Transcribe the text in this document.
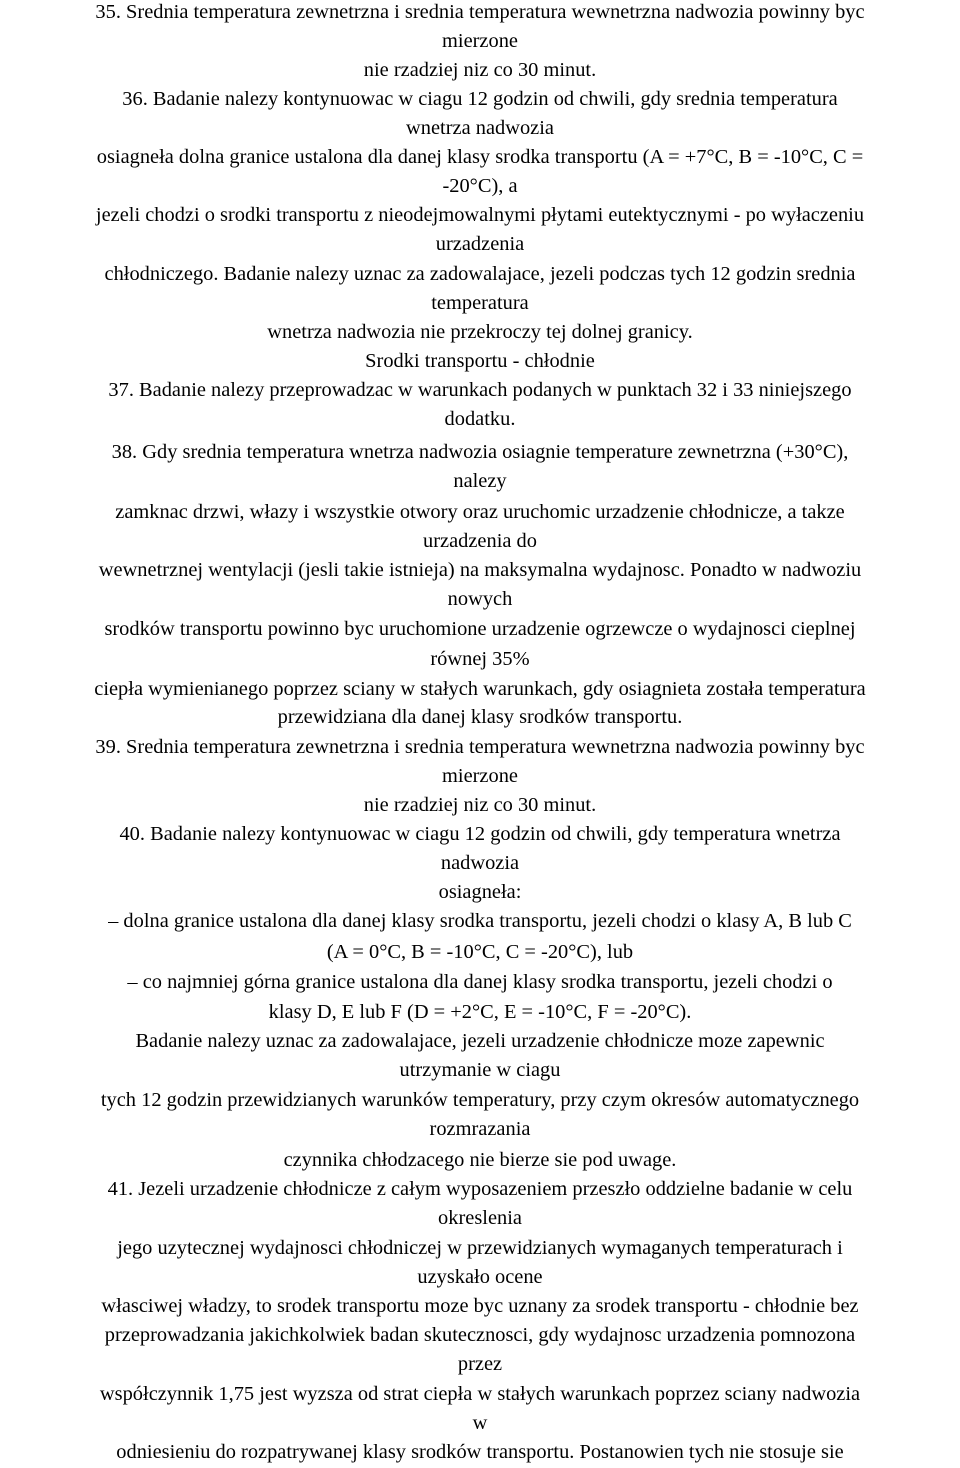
35. Srednia temperatura zewnetrzna i srednia temperatura wewnetrzna nadwozia powinny byc
mierzone
nie rzadziej niz co 30 minut.
36. Badanie nalezy kontynuowac w ciagu 12 godzin od chwili, gdy srednia temperatura
wnetrza nadwozia
osiagneła dolna granice ustalona dla danej klasy srodka transportu (A = +7°C, B = -10°C, C =
-20°C), a
jezeli chodzi o srodki transportu z nieodejmowalnymi płytami eutektycznymi - po wyłaczeniu
urzadzenia
chłodniczego. Badanie nalezy uznac za zadowalajace, jezeli podczas tych 12 godzin srednia
temperatura
wnetrza nadwozia nie przekroczy tej dolnej granicy.
Srodki transportu - chłodnie
37. Badanie nalezy przeprowadzac w warunkach podanych w punktach 32 i 33 niniejszego
dodatku.
38. Gdy srednia temperatura wnetrza nadwozia osiagnie temperature zewnetrzna (+30°C),
nalezy
zamknac drzwi, włazy i wszystkie otwory oraz uruchomic urzadzenie chłodnicze, a takze
urzadzenia do
wewnetrznej wentylacji (jesli takie istnieja) na maksymalna wydajnosc. Ponadto w nadwoziu
nowych
srodków transportu powinno byc uruchomione urzadzenie ogrzewcze o wydajnosci cieplnej
równej 35%
ciepła wymienianego poprzez sciany w stałych warunkach, gdy osiagnieta została temperatura
przewidziana dla danej klasy srodków transportu.
39. Srednia temperatura zewnetrzna i srednia temperatura wewnetrzna nadwozia powinny byc
mierzone
nie rzadziej niz co 30 minut.
40. Badanie nalezy kontynuowac w ciagu 12 godzin od chwili, gdy temperatura wnetrza
nadwozia
osiagneła:
– dolna granice ustalona dla danej klasy srodka transportu, jezeli chodzi o klasy A, B lub C
(A = 0°C, B = -10°C, C = -20°C), lub
– co najmniej górna granice ustalona dla danej klasy srodka transportu, jezeli chodzi o
klasy D, E lub F (D = +2°C, E = -10°C, F = -20°C).
Badanie nalezy uznac za zadowalajace, jezeli urzadzenie chłodnicze moze zapewnic
utrzymanie w ciagu
tych 12 godzin przewidzianych warunków temperatury, przy czym okresów automatycznego
rozmrazania
czynnika chłodzacego nie bierze sie pod uwage.
41. Jezeli urzadzenie chłodnicze z całym wyposazeniem przeszło oddzielne badanie w celu
okreslenia
jego uzytecznej wydajnosci chłodniczej w przewidzianych wymaganych temperaturach i
uzyskało ocene
własciwej władzy, to srodek transportu moze byc uznany za srodek transportu - chłodnie bez
przeprowadzania jakichkolwiek badan skutecznosci, gdy wydajnosc urzadzenia pomnozona
przez
współczynnik 1,75 jest wyzsza od strat ciepła w stałych warunkach poprzez sciany nadwozia
w
odniesieniu do rozpatrywanej klasy srodków transportu. Postanowien tych nie stosuje sie
